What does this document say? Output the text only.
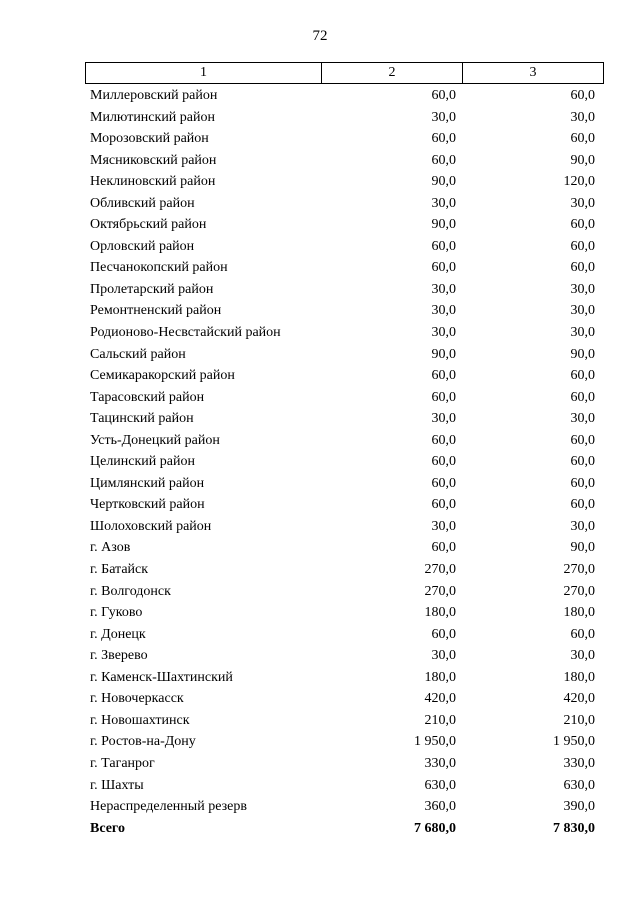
72
1	2	3
Миллеровский район	60,0	60,0
Милютинский район	30,0	30,0
Морозовский район	60,0	60,0
Мясниковский район	60,0	90,0
Неклиновский район	90,0	120,0
Обливский район	30,0	30,0
Октябрьский район	90,0	60,0
Орловский район	60,0	60,0
Песчанокопский район	60,0	60,0
Пролетарский район	30,0	30,0
Ремонтненский район	30,0	30,0
Родионово-Несвстайский район	30,0	30,0
Сальский район	90,0	90,0
Семикаракорский район	60,0	60,0
Тарасовский район	60,0	60,0
Тацинский район	30,0	30,0
Усть-Донецкий район	60,0	60,0
Целинский район	60,0	60,0
Цимлянский район	60,0	60,0
Чертковский район	60,0	60,0
Шолоховский район	30,0	30,0
г. Азов	60,0	90,0
г. Батайск	270,0	270,0
г. Волгодонск	270,0	270,0
г. Гуково	180,0	180,0
г. Донецк	60,0	60,0
г. Зверево	30,0	30,0
г. Каменск-Шахтинский	180,0	180,0
г. Новочеркасск	420,0	420,0
г. Новошахтинск	210,0	210,0
г. Ростов-на-Дону	1 950,0	1 950,0
г. Таганрог	330,0	330,0
г. Шахты	630,0	630,0
Нераспределенный резерв	360,0	390,0
Всего	7 680,0	7 830,0
